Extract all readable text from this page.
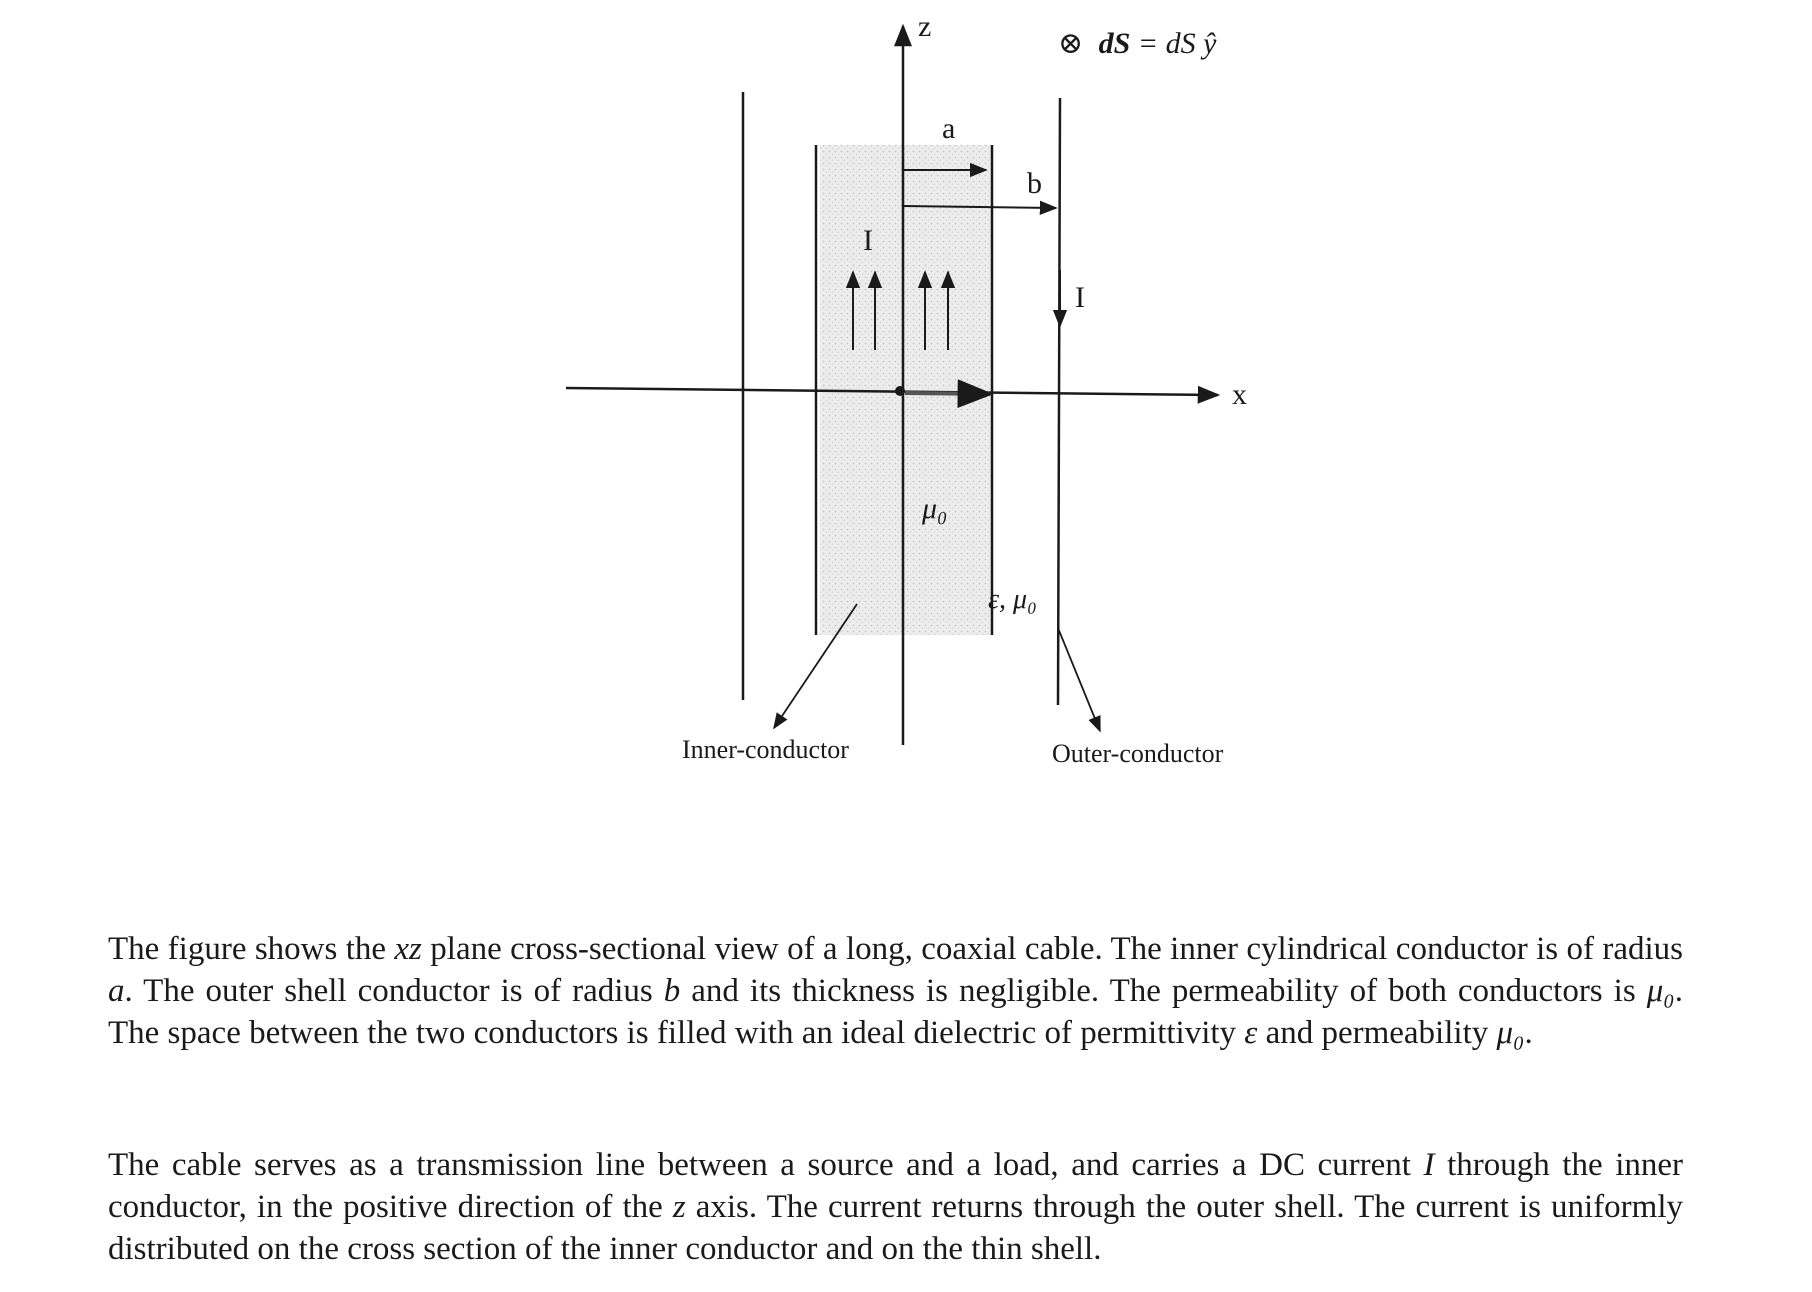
z
x
⊗ dS = dS ŷ
a
b
I
I
μ₀
ε, μ₀
Inner-conductor	Outer-conductor

The figure shows the xz plane cross-sectional view of a long, coaxial cable. The inner cylindrical conductor is of radius a. The outer shell conductor is of radius b and its thickness is negligible. The permeability of both conductors is μ₀. The space between the two conductors is filled with an ideal dielectric of permittivity ε and permeability μ₀.

The cable serves as a transmission line between a source and a load, and carries a DC current I through the inner conductor, in the positive direction of the z axis. The current returns through the outer shell. The current is uniformly distributed on the cross section of the inner conductor and on the thin shell.
